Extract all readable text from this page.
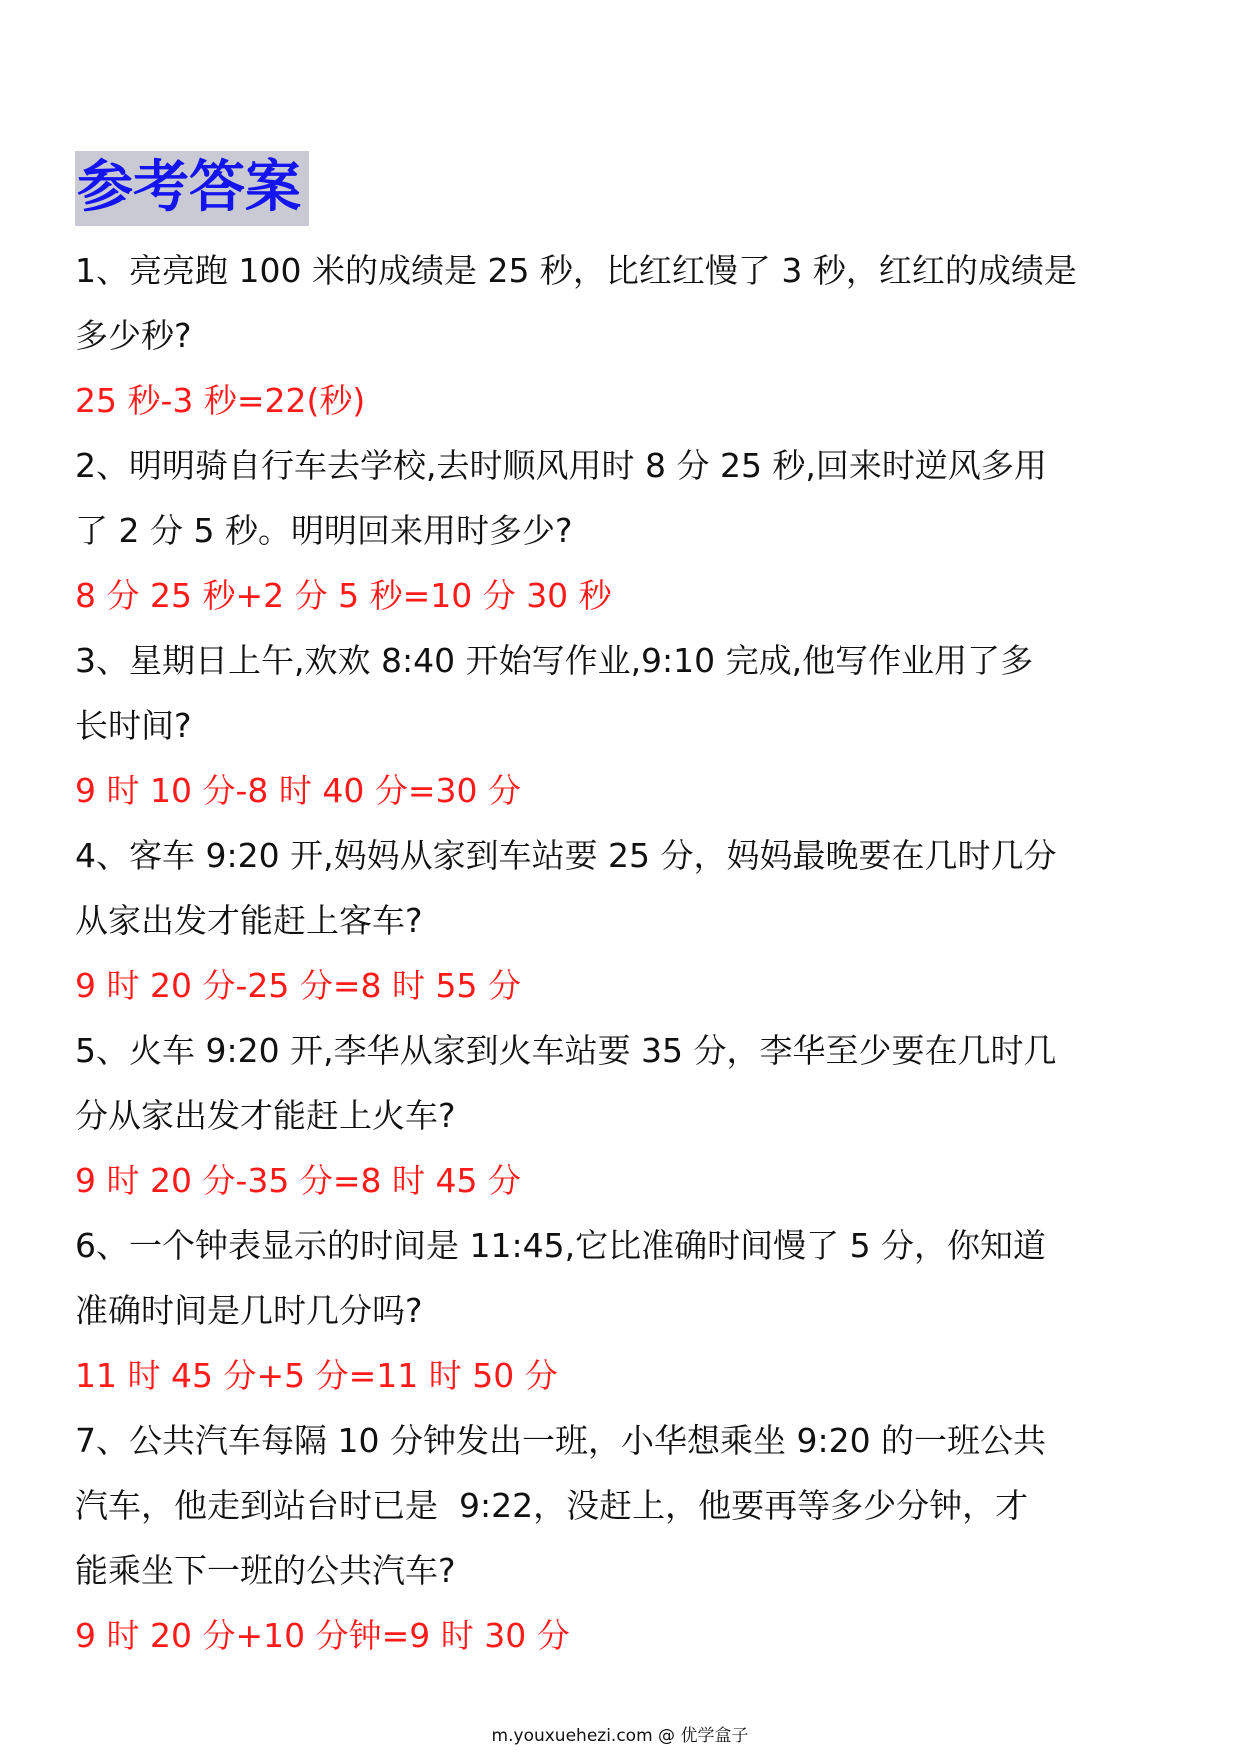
参考答案
1、亮亮跑 100 米的成绩是 25 秒，比红红慢了 3 秒，红红的成绩是
多少秒?
25 秒-3 秒=22(秒)
2、明明骑自行车去学校,去时顺风用时 8 分 25 秒,回来时逆风多用
了 2 分 5 秒。明明回来用时多少?
8 分 25 秒+2 分 5 秒=10 分 30 秒
3、星期日上午,欢欢 8:40 开始写作业,9:10 完成,他写作业用了多
长时间?
9 时 10 分-8 时 40 分=30 分
4、客车 9:20 开,妈妈从家到车站要 25 分，妈妈最晚要在几时几分
从家出发才能赶上客车?
9 时 20 分-25 分=8 时 55 分
5、火车 9:20 开,李华从家到火车站要 35 分，李华至少要在几时几
分从家出发才能赶上火车?
9 时 20 分-35 分=8 时 45 分
6、一个钟表显示的时间是 11:45,它比准确时间慢了 5 分，你知道
准确时间是几时几分吗?
11 时 45 分+5 分=11 时 50 分
7、公共汽车每隔 10 分钟发出一班，小华想乘坐 9:20 的一班公共
汽车，他走到站台时已是  9:22，没赶上，他要再等多少分钟，才
能乘坐下一班的公共汽车?
9 时 20 分+10 分钟=9 时 30 分
m.youxuehezi.com @ 优学盒子
